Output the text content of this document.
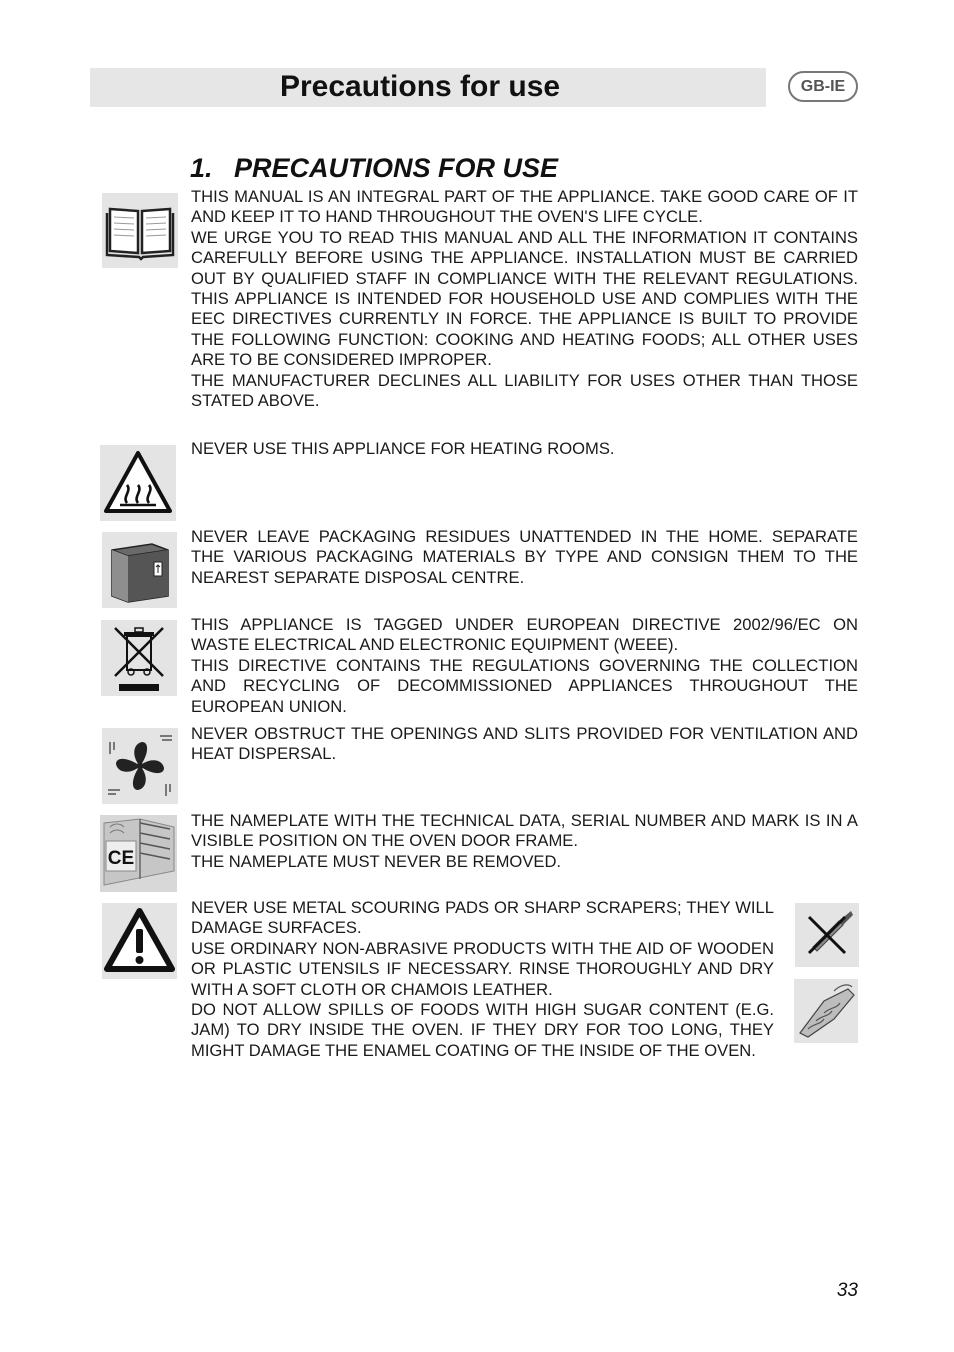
Precautions for use	GB-IE
1. PRECAUTIONS FOR USE

THIS MANUAL IS AN INTEGRAL PART OF THE APPLIANCE. TAKE GOOD CARE OF IT AND KEEP IT TO HAND THROUGHOUT THE OVEN'S LIFE CYCLE.

WE URGE YOU TO READ THIS MANUAL AND ALL THE INFORMATION IT CONTAINS CAREFULLY BEFORE USING THE APPLIANCE. INSTALLATION MUST BE CARRIED OUT BY QUALIFIED STAFF IN COMPLIANCE WITH THE RELEVANT REGULATIONS. THIS APPLIANCE IS INTENDED FOR HOUSEHOLD USE AND COMPLIES WITH THE EEC DIRECTIVES CURRENTLY IN FORCE. THE APPLIANCE IS BUILT TO PROVIDE THE FOLLOWING FUNCTION: COOKING AND HEATING FOODS; ALL OTHER USES ARE TO BE CONSIDERED IMPROPER.

THE MANUFACTURER DECLINES ALL LIABILITY FOR USES OTHER THAN THOSE STATED ABOVE.

NEVER USE THIS APPLIANCE FOR HEATING ROOMS.

NEVER LEAVE PACKAGING RESIDUES UNATTENDED IN THE HOME. SEPARATE THE VARIOUS PACKAGING MATERIALS BY TYPE AND CONSIGN THEM TO THE NEAREST SEPARATE DISPOSAL CENTRE.

THIS APPLIANCE IS TAGGED UNDER EUROPEAN DIRECTIVE 2002/96/EC ON WASTE ELECTRICAL AND ELECTRONIC EQUIPMENT (WEEE).

THIS DIRECTIVE CONTAINS THE REGULATIONS GOVERNING THE COLLECTION AND RECYCLING OF DECOMMISSIONED APPLIANCES THROUGHOUT THE EUROPEAN UNION.

NEVER OBSTRUCT THE OPENINGS AND SLITS PROVIDED FOR VENTILATION AND HEAT DISPERSAL.

CE

THE NAMEPLATE WITH THE TECHNICAL DATA, SERIAL NUMBER AND MARK IS IN A VISIBLE POSITION ON THE OVEN DOOR FRAME.

THE NAMEPLATE MUST NEVER BE REMOVED.

NEVER USE METAL SCOURING PADS OR SHARP SCRAPERS; THEY WILL DAMAGE SURFACES.

USE ORDINARY NON-ABRASIVE PRODUCTS WITH THE AID OF WOODEN OR PLASTIC UTENSILS IF NECESSARY. RINSE THOROUGHLY AND DRY WITH A SOFT CLOTH OR CHAMOIS LEATHER.

DO NOT ALLOW SPILLS OF FOODS WITH HIGH SUGAR CONTENT (E.G. JAM) TO DRY INSIDE THE OVEN. IF THEY DRY FOR TOO LONG, THEY MIGHT DAMAGE THE ENAMEL COATING OF THE INSIDE OF THE OVEN.

33
